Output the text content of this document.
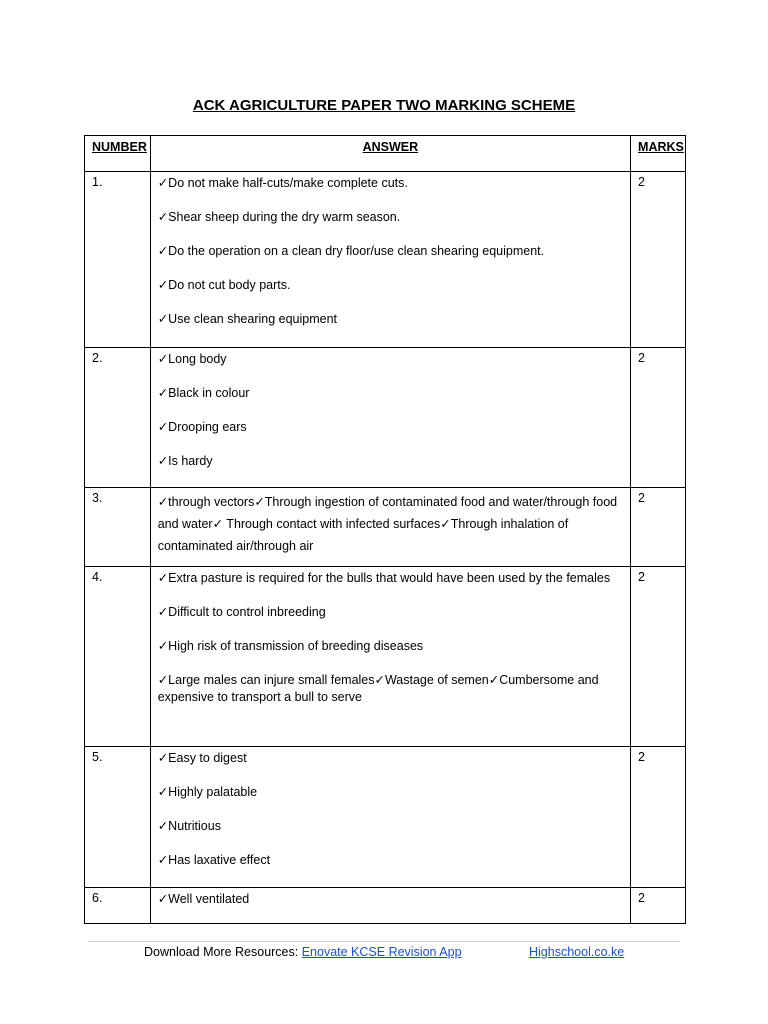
ACK AGRICULTURE PAPER TWO MARKING SCHEME
NUMBER	ANSWER	MARKS
1.	✓Do not make half-cuts/make complete cuts.

✓Shear sheep during the dry warm season.

✓Do the operation on a clean dry floor/use clean shearing equipment.

✓Do not cut body parts.

✓Use clean shearing equipment	2
2.	✓Long body

✓Black in colour

✓Drooping ears

✓Is hardy	2
3.	✓through vectors✓Through ingestion of contaminated food and water/through food and water✓ Through contact with infected surfaces✓Through inhalation of contaminated air/through air	2
4.	✓Extra pasture is required for the bulls that would have been used by the females

✓Difficult to control inbreeding

✓High risk of transmission of breeding diseases

✓Large males can injure small females✓Wastage of semen✓Cumbersome and expensive to transport a bull to serve	2
5.	✓Easy to digest

✓Highly palatable

✓Nutritious

✓Has laxative effect	2
6.	✓Well ventilated	2
Download More Resources: Enovate KCSE Revision App	Highschool.co.ke
